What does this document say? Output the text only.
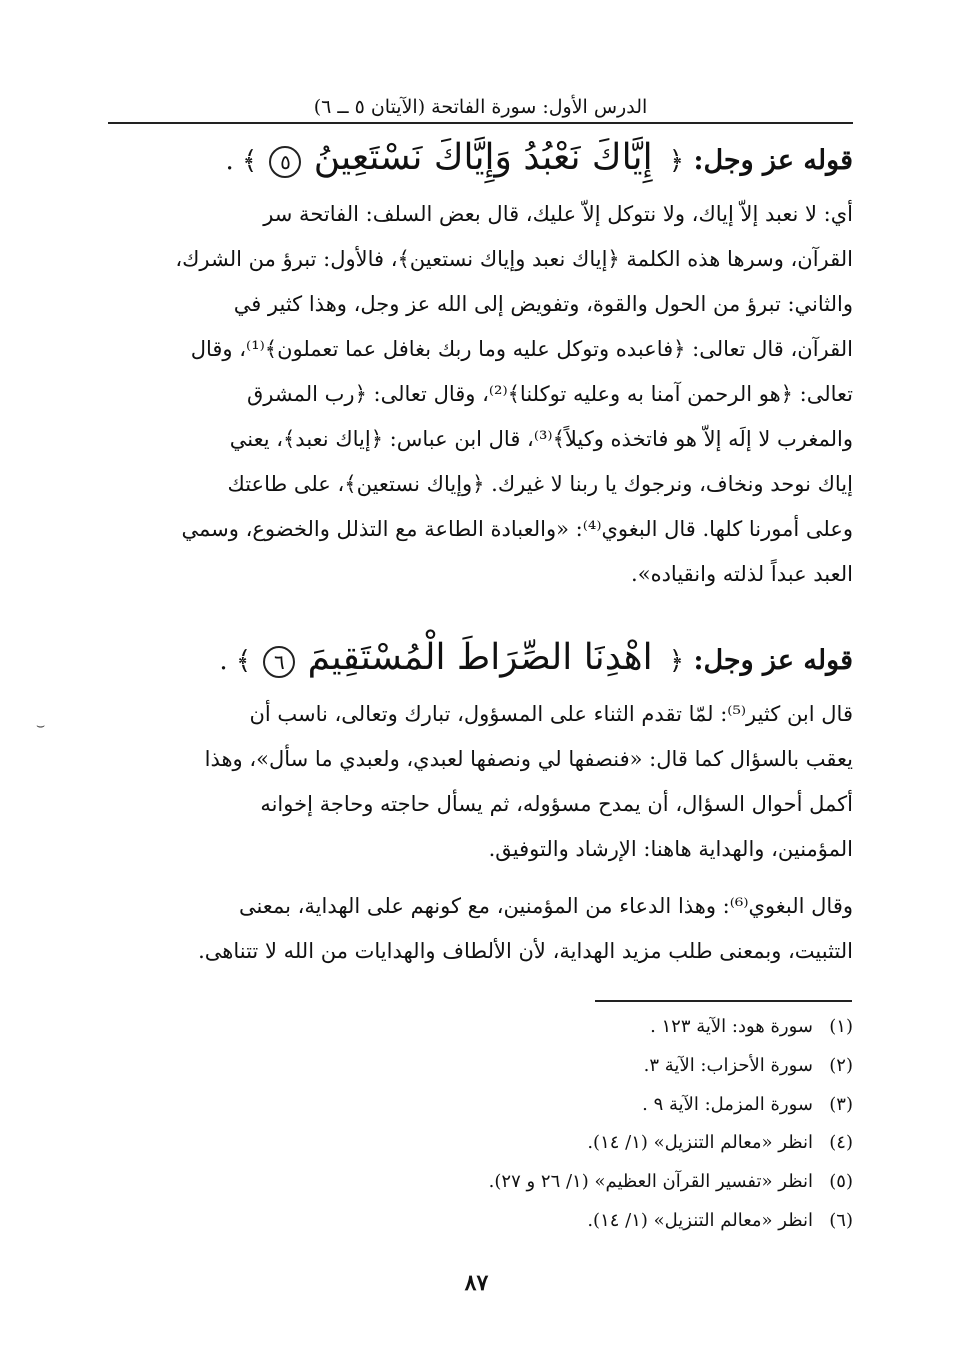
الدرس الأول: سورة الفاتحة (الآيتان ٥ ــ ٦)
قوله عز وجل: ﴿ إِيَّاكَ نَعْبُدُ وَإِيَّاكَ نَسْتَعِينُ ٥ ﴾ .
أي: لا نعبد إلاّ إياك، ولا نتوكل إلاّ عليك، قال بعض السلف: الفاتحة سر
القرآن، وسرها هذه الكلمة ﴿إياك نعبد وإياك نستعين﴾، فالأول: تبرؤ من الشرك،
والثاني: تبرؤ من الحول والقوة، وتفويض إلى الله عز وجل، وهذا كثير في
القرآن، قال تعالى: ﴿فاعبده وتوكل عليه وما ربك بغافل عما تعملون﴾⁽¹⁾، وقال
تعالى: ﴿هو الرحمن آمنا به وعليه توكلنا﴾⁽²⁾، وقال تعالى: ﴿رب المشرق
والمغرب لا إلَه إلاّ هو فاتخذه وكيلاً﴾⁽³⁾، قال ابن عباس: ﴿إياك نعبد﴾، يعني
إياك نوحد ونخاف، ونرجوك يا ربنا لا غيرك. ﴿وإياك نستعين﴾، على طاعتك
وعلى أمورنا كلها. قال البغوي⁽⁴⁾: «والعبادة الطاعة مع التذلل والخضوع، وسمي
العبد عبداً لذلته وانقياده».
قوله عز وجل: ﴿ اهْدِنَا الصِّرَاطَ الْمُسْتَقِيمَ ٦ ﴾ .
قال ابن كثير⁽⁵⁾: لمّا تقدم الثناء على المسؤول، تبارك وتعالى، ناسب أن
يعقب بالسؤال كما قال: «فنصفها لي ونصفها لعبدي، ولعبدي ما سأل»، وهذا
أكمل أحوال السؤال، أن يمدح مسؤوله، ثم يسأل حاجته وحاجة إخوانه
المؤمنين، والهداية هاهنا: الإرشاد والتوفيق.
وقال البغوي⁽⁶⁾: وهذا الدعاء من المؤمنين، مع كونهم على الهداية، بمعنى
التثبيت، وبمعنى طلب مزيد الهداية، لأن الألطاف والهدايات من الله لا تتناهى.
(١)سورة هود: الآية ١٢٣ .
(٢)سورة الأحزاب: الآية ٣.
(٣)سورة المزمل: الآية ٩ .
(٤)انظر «معالم التنزيل» (١/ ١٤).
(٥)انظر «تفسير القرآن العظيم» (١/ ٢٦ و ٢٧).
(٦)انظر «معالم التنزيل» (١/ ١٤).
٨٧
⌣
